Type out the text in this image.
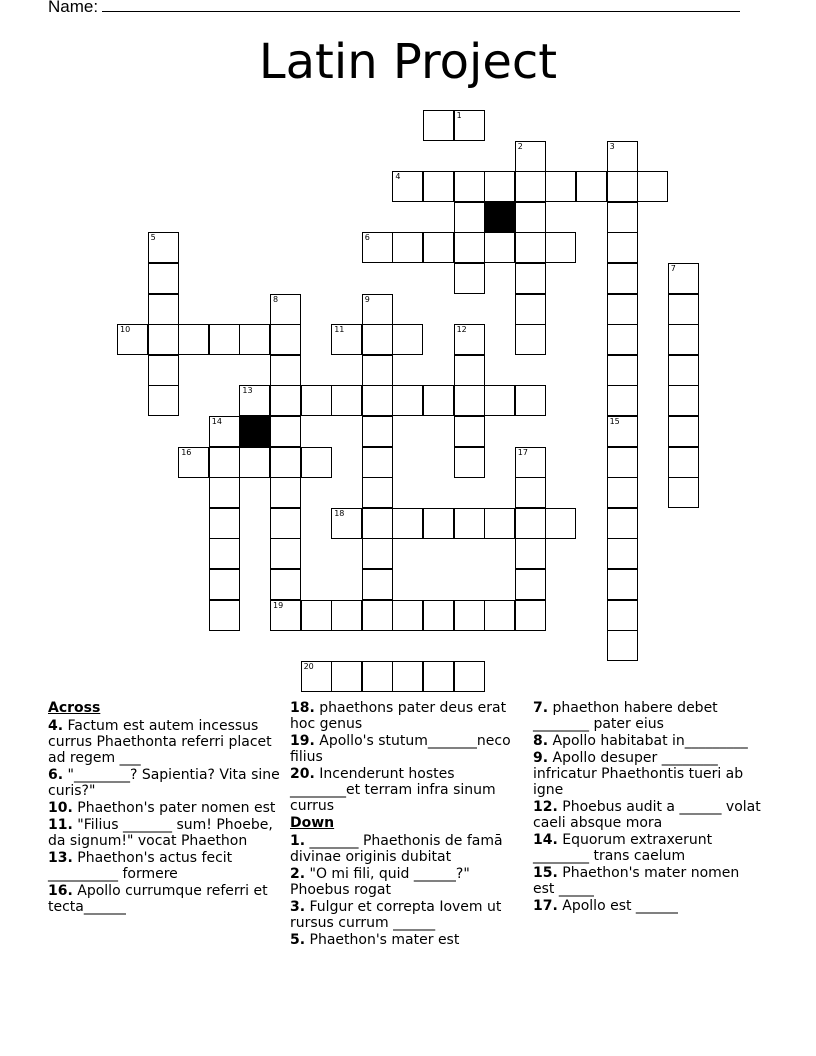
Name:
Latin Project
1
2	3
4
6
5
7
10	11
8	9
12
13
14
16	17
15
18
19
20
Across
4. Factum est autem incessus currus Phaethonta referri placet ad regem ___
6. "________? Sapientia? Vita sine curis?"
10. Phaethon's pater nomen est
11. "Filius _______ sum! Phoebe, da signum!" vocat Phaethon
13. Phaethon's actus fecit __________ formere
16. Apollo currumque referri et tecta______
18. phaethons pater deus erat hoc genus
19. Apollo's stutum_______neco filius
20. Incenderunt hostes ________et terram infra sinum currus
Down
1. _______ Phaethonis de famā divinae originis dubitat
2. "O mi fili, quid ______?" Phoebus rogat
3. Fulgur et correpta Iovem ut rursus currum ______
5. Phaethon's mater est
7. phaethon habere debet ________ pater eius
8. Apollo habitabat in_________
9. Apollo desuper ________ infricatur Phaethontis tueri ab igne
12. Phoebus audit a ______ volat caeli absque mora
14. Equorum extraxerunt ________ trans caelum
15. Phaethon's mater nomen est _____
17. Apollo est ______
